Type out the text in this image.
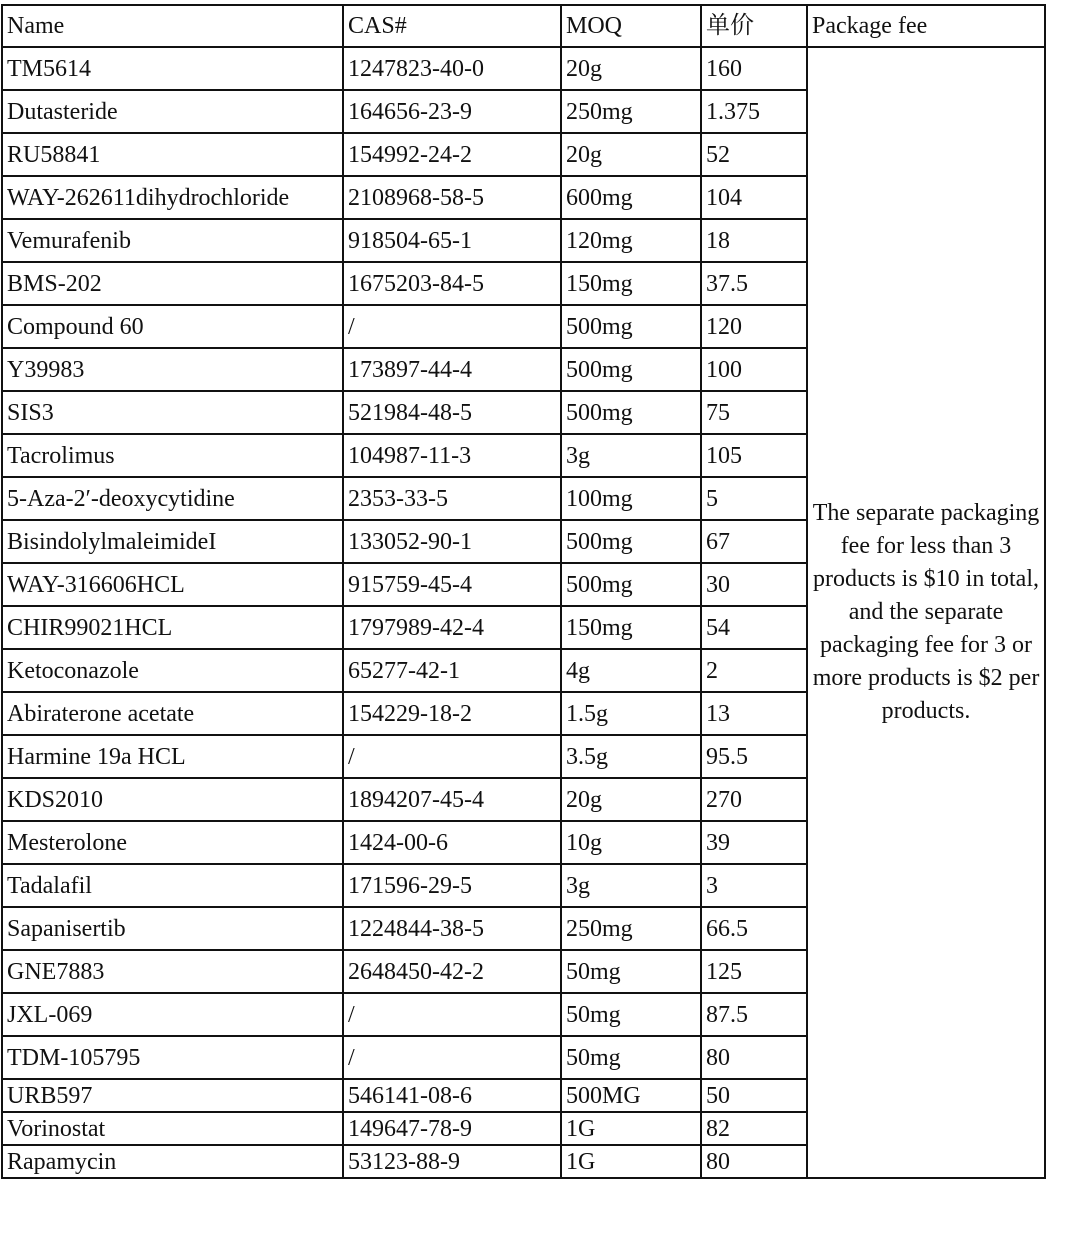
Name	CAS#	MOQ	单价	Package fee
TM5614	1247823-40-0	20g	160	The separate packaging fee for less than 3 products is $10 in total, and the separate packaging fee for 3 or more products is $2 per products.
Dutasteride	164656-23-9	250mg	1.375	
RU58841	154992-24-2	20g	52	
WAY-262611dihydrochloride	2108968-58-5	600mg	104	
Vemurafenib	918504-65-1	120mg	18	
BMS-202	1675203-84-5	150mg	37.5	
Compound 60	/	500mg	120	
Y39983	173897-44-4	500mg	100	
SIS3	521984-48-5	500mg	75	
Tacrolimus	104987-11-3	3g	105	
5-Aza-2′-deoxycytidine	2353-33-5	100mg	5	
BisindolylmaleimideI	133052-90-1	500mg	67	
WAY-316606HCL	915759-45-4	500mg	30	
CHIR99021HCL	1797989-42-4	150mg	54	
Ketoconazole	65277-42-1	4g	2	
Abiraterone acetate	154229-18-2	1.5g	13	
Harmine 19a HCL	/	3.5g	95.5	
KDS2010	1894207-45-4	20g	270	
Mesterolone	1424-00-6	10g	39	
Tadalafil	171596-29-5	3g	3	
Sapanisertib	1224844-38-5	250mg	66.5	
GNE7883	2648450-42-2	50mg	125	
JXL-069	/	50mg	87.5	
TDM-105795	/	50mg	80	
URB597	546141-08-6	500MG	50	
Vorinostat	149647-78-9	1G	82	
Rapamycin	53123-88-9	1G	80	
